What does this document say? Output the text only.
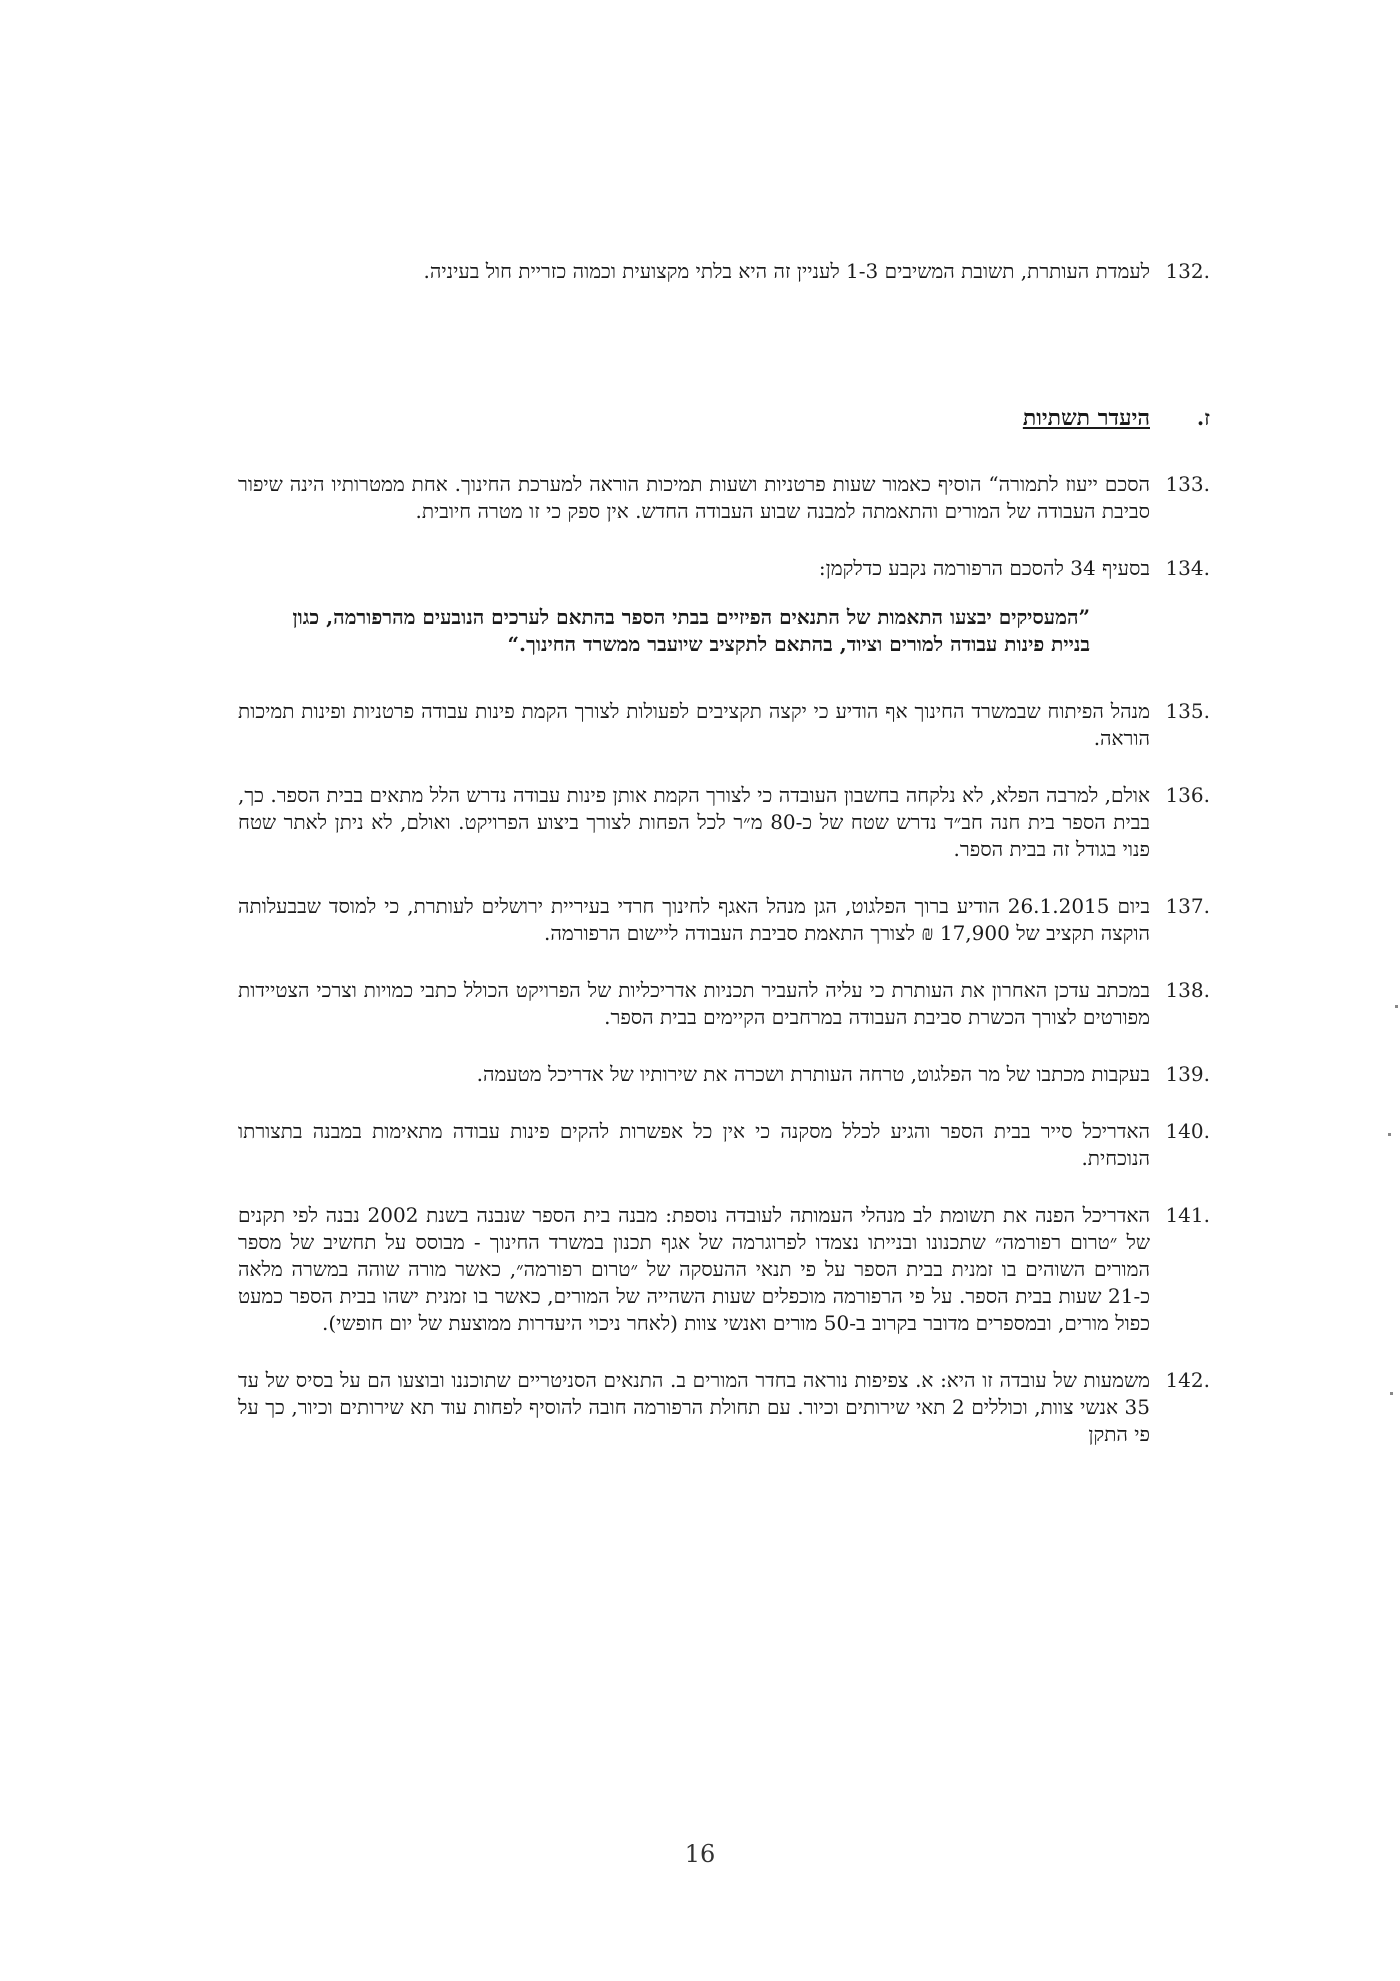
.132
לעמדת העותרת, תשובת המשיבים 1-3 לעניין זה היא בלתי מקצועית וכמוה כזריית חול בעיניה.
ז.
היעדר תשתיות
.133
הסכם ייעוז לתמורה“ הוסיף כאמור שעות פרטניות ושעות תמיכות הוראה למערכת החינוך. אחת ממטרותיו הינה שיפור סביבת העבודה של המורים והתאמתה למבנה שבוע העבודה החדש. אין ספק כי זו מטרה חיובית.
.134
בסעיף 34 להסכם הרפורמה נקבע כדלקמן:
”המעסיקים יבצעו התאמות של התנאים הפיזיים בבתי הספר בהתאם לערכים הנובעים מהרפורמה, כגון בניית פינות עבודה למורים וציוד, בהתאם לתקציב שיועבר ממשרד החינוך.“
.135
מנהל הפיתוח שבמשרד החינוך אף הודיע כי יקצה תקציבים לפעולות לצורך הקמת פינות עבודה פרטניות ופינות תמיכות הוראה.
.136
אולם, למרבה הפלא, לא נלקחה בחשבון העובדה כי לצורך הקמת אותן פינות עבודה נדרש הלל מתאים בבית הספר. כך, בבית הספר בית חנה חב״ד נדרש שטח של כ-80 מ״ר לכל הפחות לצורך ביצוע הפרויקט. ואולם, לא ניתן לאתר שטח פנוי בגודל זה בבית הספר.
.137
ביום 26.1.2015 הודיע ברוך הפלגוט, הגן מנהל האגף לחינוך חרדי בעיריית ירושלים לעותרת, כי למוסד שבבעלותה הוקצה תקציב של 17,900 ₪ לצורך התאמת סביבת העבודה ליישום הרפורמה.
.138
במכתב עדכן האחרון את העותרת כי עליה להעביר תכניות אדריכליות של הפרויקט הכולל כתבי כמויות וצרכי הצטיידות מפורטים לצורך הכשרת סביבת העבודה במרחבים הקיימים בבית הספר.
.139
בעקבות מכתבו של מר הפלגוט, טרחה העותרת ושכרה את שירותיו של אדריכל מטעמה.
.140
האדריכל סייר בבית הספר והגיע לכלל מסקנה כי אין כל אפשרות להקים פינות עבודה מתאימות במבנה בתצורתו הנוכחית.
.141
האדריכל הפנה את תשומת לב מנהלי העמותה לעובדה נוספת: מבנה בית הספר שנבנה בשנת 2002 נבנה לפי תקנים של ״טרום רפורמה״ שתכנונו ובנייתו נצמדו לפרוגרמה של אגף תכנון במשרד החינוך - מבוסס על תחשיב של מספר המורים השוהים בו זמנית בבית הספר על פי תנאי ההעסקה של ״טרום רפורמה״, כאשר מורה שוהה במשרה מלאה כ-21 שעות בבית הספר. על פי הרפורמה מוכפלים שעות השהייה של המורים, כאשר בו זמנית ישהו בבית הספר כמעט כפול מורים, ובמספרים מדובר בקרוב ב-50 מורים ואנשי צוות (לאחר ניכוי היעדרות ממוצעת של יום חופשי).
.142
משמעות של עובדה זו היא: א. צפיפות נוראה בחדר המורים ב. התנאים הסניטריים שתוכננו ובוצעו הם על בסיס של עד 35 אנשי צוות, וכוללים 2 תאי שירותים וכיור. עם תחולת הרפורמה חובה להוסיף לפחות עוד תא שירותים וכיור, כך על פי התקן
16
